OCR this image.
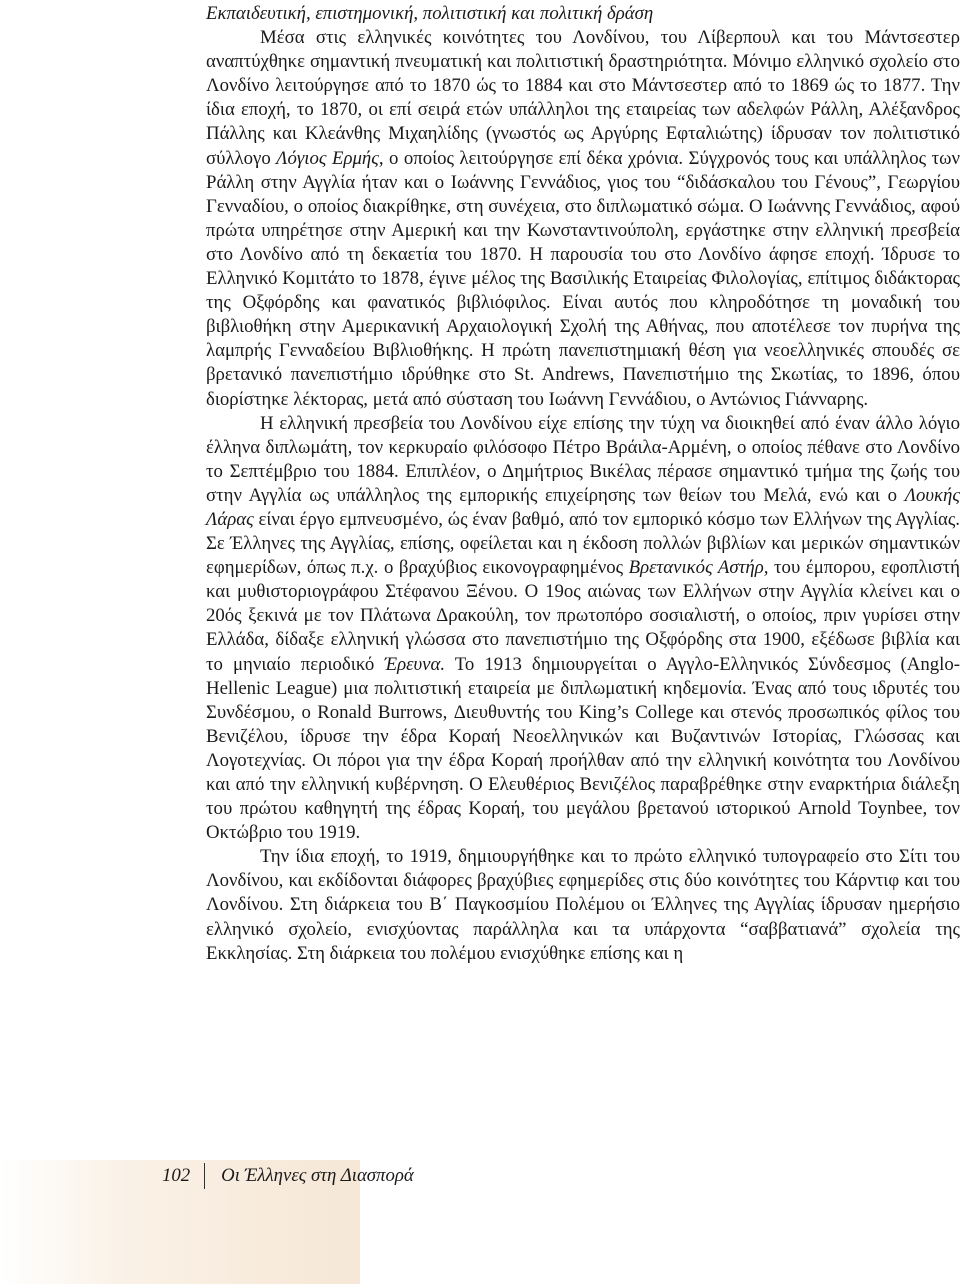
Εκπαιδευτική, επιστημονική, πολιτιστική και πολιτική δράση

Μέσα στις ελληνικές κοινότητες του Λονδίνου, του Λίβερπουλ και του Μάντσεστερ αναπτύχθηκε σημαντική πνευματική και πολιτιστική δραστηριότητα. Μόνιμο ελληνικό σχολείο στο Λονδίνο λειτούργησε από το 1870 ώς το 1884 και στο Μάντσεστερ από το 1869 ώς το 1877. Την ίδια εποχή, το 1870, οι επί σειρά ετών υπάλληλοι της εταιρείας των αδελφών Ράλλη, Αλέξανδρος Πάλλης και Κλεάνθης Μιχαηλίδης (γνωστός ως Αργύρης Εφταλιώτης) ίδρυσαν τον πολιτιστικό σύλλογο Λόγιος Ερμής, ο οποίος λειτούργησε επί δέκα χρόνια. Σύγχρονός τους και υπάλληλος των Ράλλη στην Αγγλία ήταν και ο Ιωάννης Γεννάδιος, γιος του “διδάσκαλου του Γένους”, Γεωργίου Γενναδίου, ο οποίος διακρίθηκε, στη συνέχεια, στο διπλωματικό σώμα. Ο Ιωάννης Γεννάδιος, αφού πρώτα υπηρέτησε στην Αμερική και την Κωνσταντινούπολη, εργάστηκε στην ελληνική πρεσβεία στο Λονδίνο από τη δεκαετία του 1870. Η παρουσία του στο Λονδίνο άφησε εποχή. Ίδρυσε το Ελληνικό Κομιτάτο το 1878, έγινε μέλος της Βασιλικής Εταιρείας Φιλολογίας, επίτιμος διδάκτορας της Οξφόρδης και φανατικός βιβλιόφιλος. Είναι αυτός που κληροδότησε τη μοναδική του βιβλιοθήκη στην Αμερικανική Αρχαιολογική Σχολή της Αθήνας, που αποτέλεσε τον πυρήνα της λαμπρής Γενναδείου Βιβλιοθήκης. Η πρώτη πανεπιστημιακή θέση για νεοελληνικές σπουδές σε βρετανικό πανεπιστήμιο ιδρύθηκε στο St. Andrews, Πανεπιστήμιο της Σκωτίας, το 1896, όπου διορίστηκε λέκτορας, μετά από σύσταση του Ιωάννη Γεννάδιου, ο Αντώνιος Γιάνναρης.

Η ελληνική πρεσβεία του Λονδίνου είχε επίσης την τύχη να διοικηθεί από έναν άλλο λόγιο έλληνα διπλωμάτη, τον κερκυραίο φιλόσοφο Πέτρο Βράιλα-Αρμένη, ο οποίος πέθανε στο Λονδίνο το Σεπτέμβριο του 1884. Επιπλέον, ο Δημήτριος Βικέλας πέρασε σημαντικό τμήμα της ζωής του στην Αγγλία ως υπάλληλος της εμπορικής επιχείρησης των θείων του Μελά, ενώ και ο Λουκής Λάρας είναι έργο εμπνευσμένο, ώς έναν βαθμό, από τον εμπορικό κόσμο των Ελλήνων της Αγγλίας. Σε Έλληνες της Αγγλίας, επίσης, οφείλεται και η έκδοση πολλών βιβλίων και μερικών σημαντικών εφημερίδων, όπως π.χ. ο βραχύβιος εικονογραφημένος Βρετανικός Αστήρ, του έμπορου, εφοπλιστή και μυθιστοριογράφου Στέφανου Ξένου. Ο 19ος αιώνας των Ελλήνων στην Αγγλία κλείνει και ο 20ός ξεκινά με τον Πλάτωνα Δρακούλη, τον πρωτοπόρο σοσιαλιστή, ο οποίος, πριν γυρίσει στην Ελλάδα, δίδαξε ελληνική γλώσσα στο πανεπιστήμιο της Οξφόρδης στα 1900, εξέδωσε βιβλία και το μηνιαίο περιοδικό Έρευνα. Το 1913 δημιουργείται ο Αγγλο-Ελληνικός Σύνδεσμος (Anglo-Hellenic League) μια πολιτιστική εταιρεία με διπλωματική κηδεμονία. Ένας από τους ιδρυτές του Συνδέσμου, ο Ronald Burrows, Διευθυντής του King’s College και στενός προσωπικός φίλος του Βενιζέλου, ίδρυσε την έδρα Κοραή Νεοελληνικών και Βυζαντινών Ιστορίας, Γλώσσας και Λογοτεχνίας. Οι πόροι για την έδρα Κοραή προήλθαν από την ελληνική κοινότητα του Λονδίνου και από την ελληνική κυβέρνηση. Ο Ελευθέριος Βενιζέλος παραβρέθηκε στην εναρκτήρια διάλεξη του πρώτου καθηγητή της έδρας Κοραή, του μεγάλου βρετανού ιστορικού Arnold Toynbee, τον Οκτώβριο του 1919.

Την ίδια εποχή, το 1919, δημιουργήθηκε και το πρώτο ελληνικό τυπογραφείο στο Σίτι του Λονδίνου, και εκδίδονται διάφορες βραχύβιες εφημερίδες στις δύο κοινότητες του Κάρντιφ και του Λονδίνου. Στη διάρκεια του Β΄ Παγκοσμίου Πολέμου οι Έλληνες της Αγγλίας ίδρυσαν ημερήσιο ελληνικό σχολείο, ενισχύοντας παράλληλα και τα υπάρχοντα “σαββατιανά” σχολεία της Εκκλησίας. Στη διάρκεια του πολέμου ενισχύθηκε επίσης και η

102 Οι Έλληνες στη Διασπορά
